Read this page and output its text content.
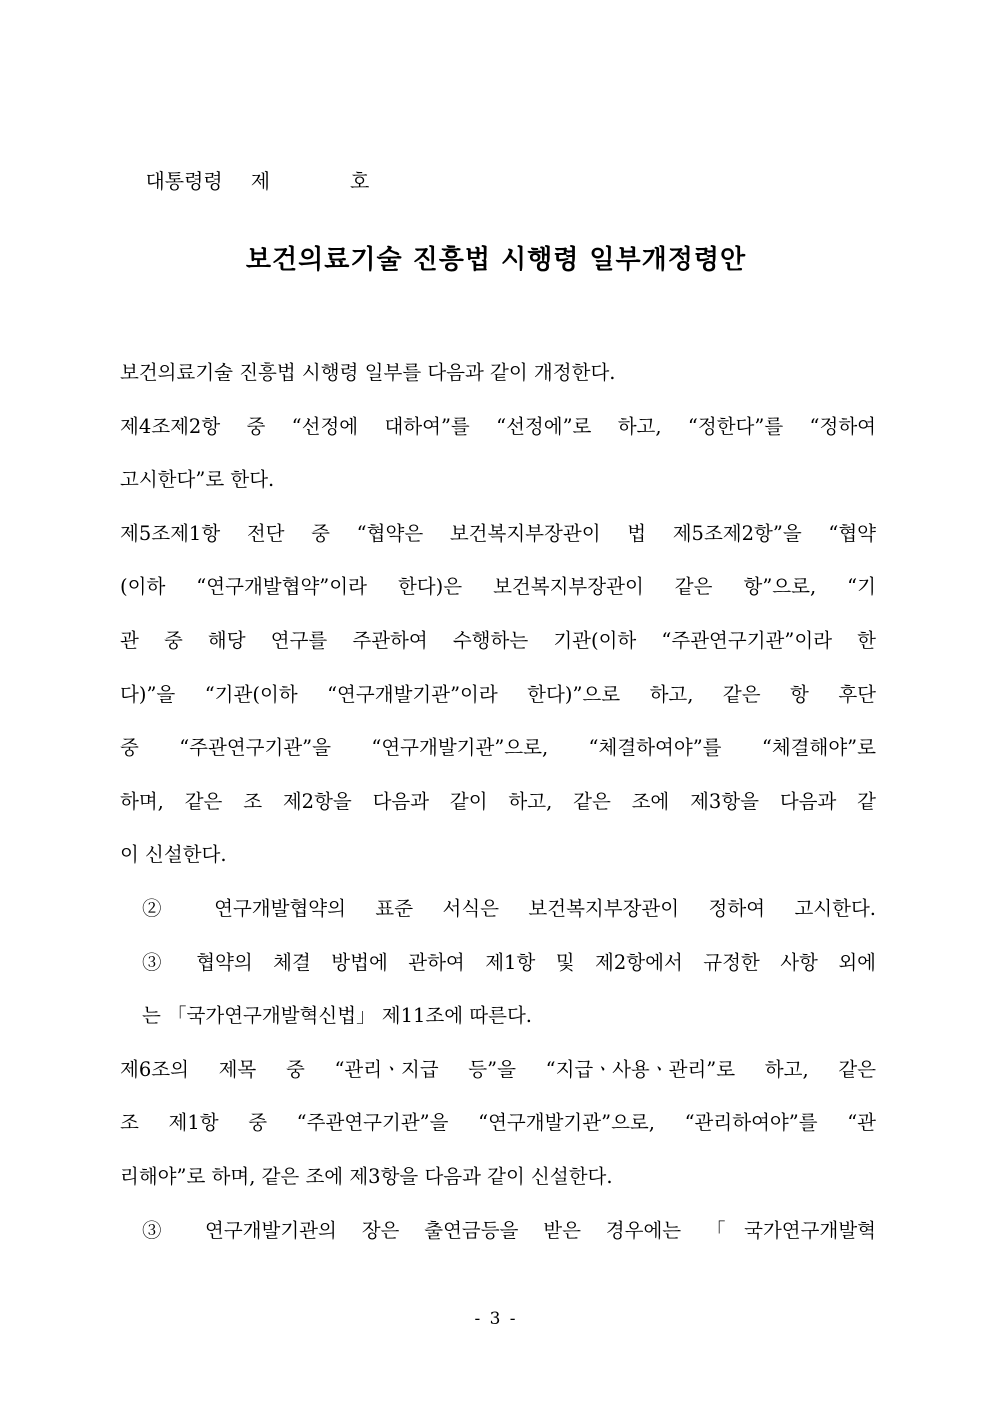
대통령령 제	호

보건의료기술 진흥법 시행령 일부개정령안
보건의료기술 진흥법 시행령 일부를 다음과 같이 개정한다.
제4조제2항 중 “선정에 대하여”를 “선정에”로 하고, “정한다”를 “정하여
고시한다”로 한다.
제5조제1항 전단 중 “협약은 보건복지부장관이 법 제5조제2항”을 “협약
(이하 “연구개발협약”이라 한다)은 보건복지부장관이 같은 항”으로, “기
관 중 해당 연구를 주관하여 수행하는 기관(이하 “주관연구기관”이라 한
다)”을 “기관(이하 “연구개발기관”이라 한다)”으로 하고, 같은 항 후단
중 “주관연구기관”을 “연구개발기관”으로, “체결하여야”를 “체결해야”로
하며, 같은 조 제2항을 다음과 같이 하고, 같은 조에 제3항을 다음과 같
이 신설한다.
② 연구개발협약의 표준 서식은 보건복지부장관이 정하여 고시한다.
③ 협약의 체결 방법에 관하여 제1항 및 제2항에서 규정한 사항 외에
는 「국가연구개발혁신법」 제11조에 따른다.
제6조의 제목 중 “관리ㆍ지급 등”을 “지급ㆍ사용ㆍ관리”로 하고, 같은
조 제1항 중 “주관연구기관”을 “연구개발기관”으로, “관리하여야”를 “관
리해야”로 하며, 같은 조에 제3항을 다음과 같이 신설한다.
③ 연구개발기관의 장은 출연금등을 받은 경우에는 「국가연구개발혁
- 3 -
